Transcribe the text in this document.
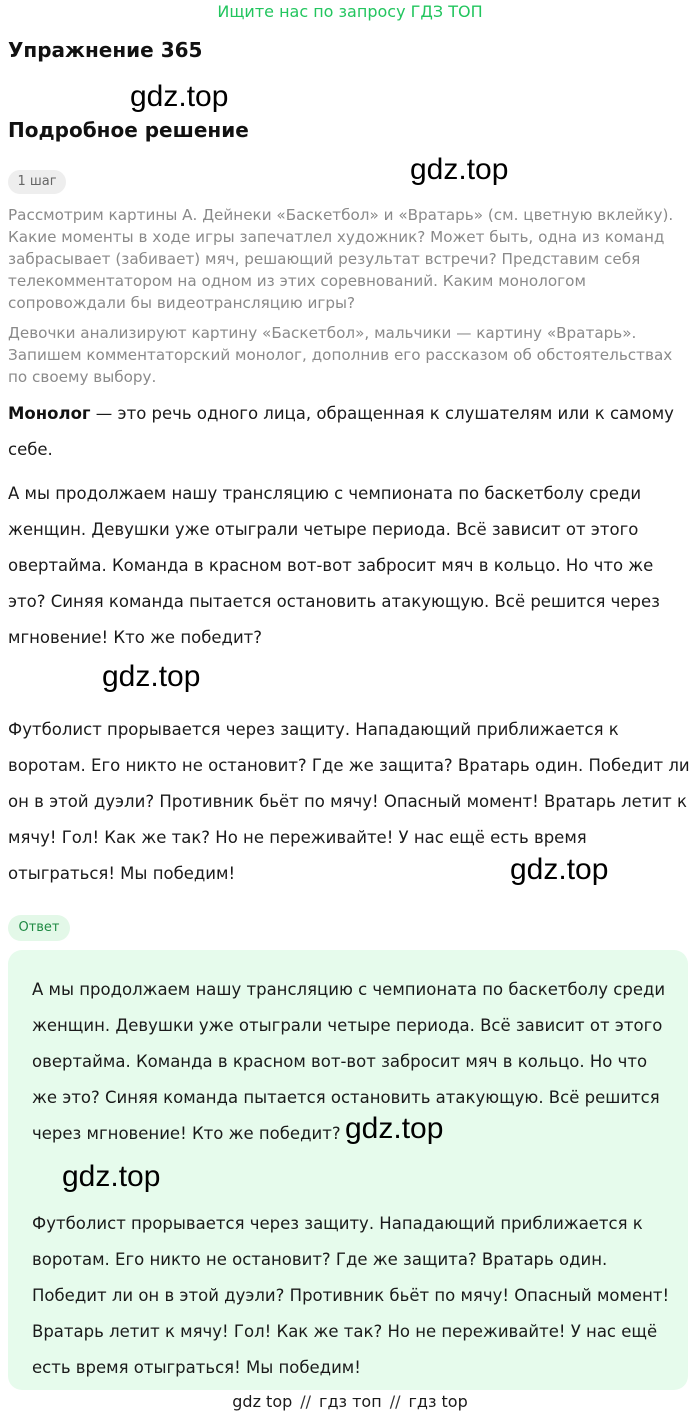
Ищите нас по запросу ГДЗ ТОП
Упражнение 365
gdz.top
Подробное решение
gdz.top
1 шаг
Рассмотрим картины А. Дейнеки «Баскетбол» и «Вратарь» (см. цветную вклейку). Какие моменты в ходе игры запечатлел художник? Может быть, одна из команд забрасывает (забивает) мяч, решающий результат встречи? Представим себя телекомментатором на одном из этих соревнований. Каким монологом сопровождали бы видеотрансляцию игры?
Девочки анализируют картину «Баскетбол», мальчики — картину «Вратарь». Запишем комментаторский монолог, дополнив его рассказом об обстоятельствах по своему выбору.
Монолог — это речь одного лица, обращенная к слушателям или к самому себе.
А мы продолжаем нашу трансляцию с чемпионата по баскетболу среди женщин. Девушки уже отыграли четыре периода. Всё зависит от этого овертайма. Команда в красном вот-вот забросит мяч в кольцо. Но что же это? Синяя команда пытается остановить атакующую. Всё решится через мгновение! Кто же победит?
gdz.top
Футболист прорывается через защиту. Нападающий приближается к воротам. Его никто не остановит? Где же защита? Вратарь один. Победит ли он в этой дуэли? Противник бьёт по мячу! Опасный момент! Вратарь летит к мячу! Гол! Как же так? Но не переживайте! У нас ещё есть время отыграться! Мы победим!	gdz.top
Ответ
А мы продолжаем нашу трансляцию с чемпионата по баскетболу среди женщин. Девушки уже отыграли четыре периода. Всё зависит от этого овертайма. Команда в красном вот-вот забросит мяч в кольцо. Но что же это? Синяя команда пытается остановить атакующую. Всё решится через мгновение! Кто же победит? gdz.top
gdz.top
Футболист прорывается через защиту. Нападающий приближается к воротам. Его никто не остановит? Где же защита? Вратарь один. Победит ли он в этой дуэли? Противник бьёт по мячу! Опасный момент! Вратарь летит к мячу! Гол! Как же так? Но не переживайте! У нас ещё есть время отыграться! Мы победим!
gdz top // гдз топ // гдз top
